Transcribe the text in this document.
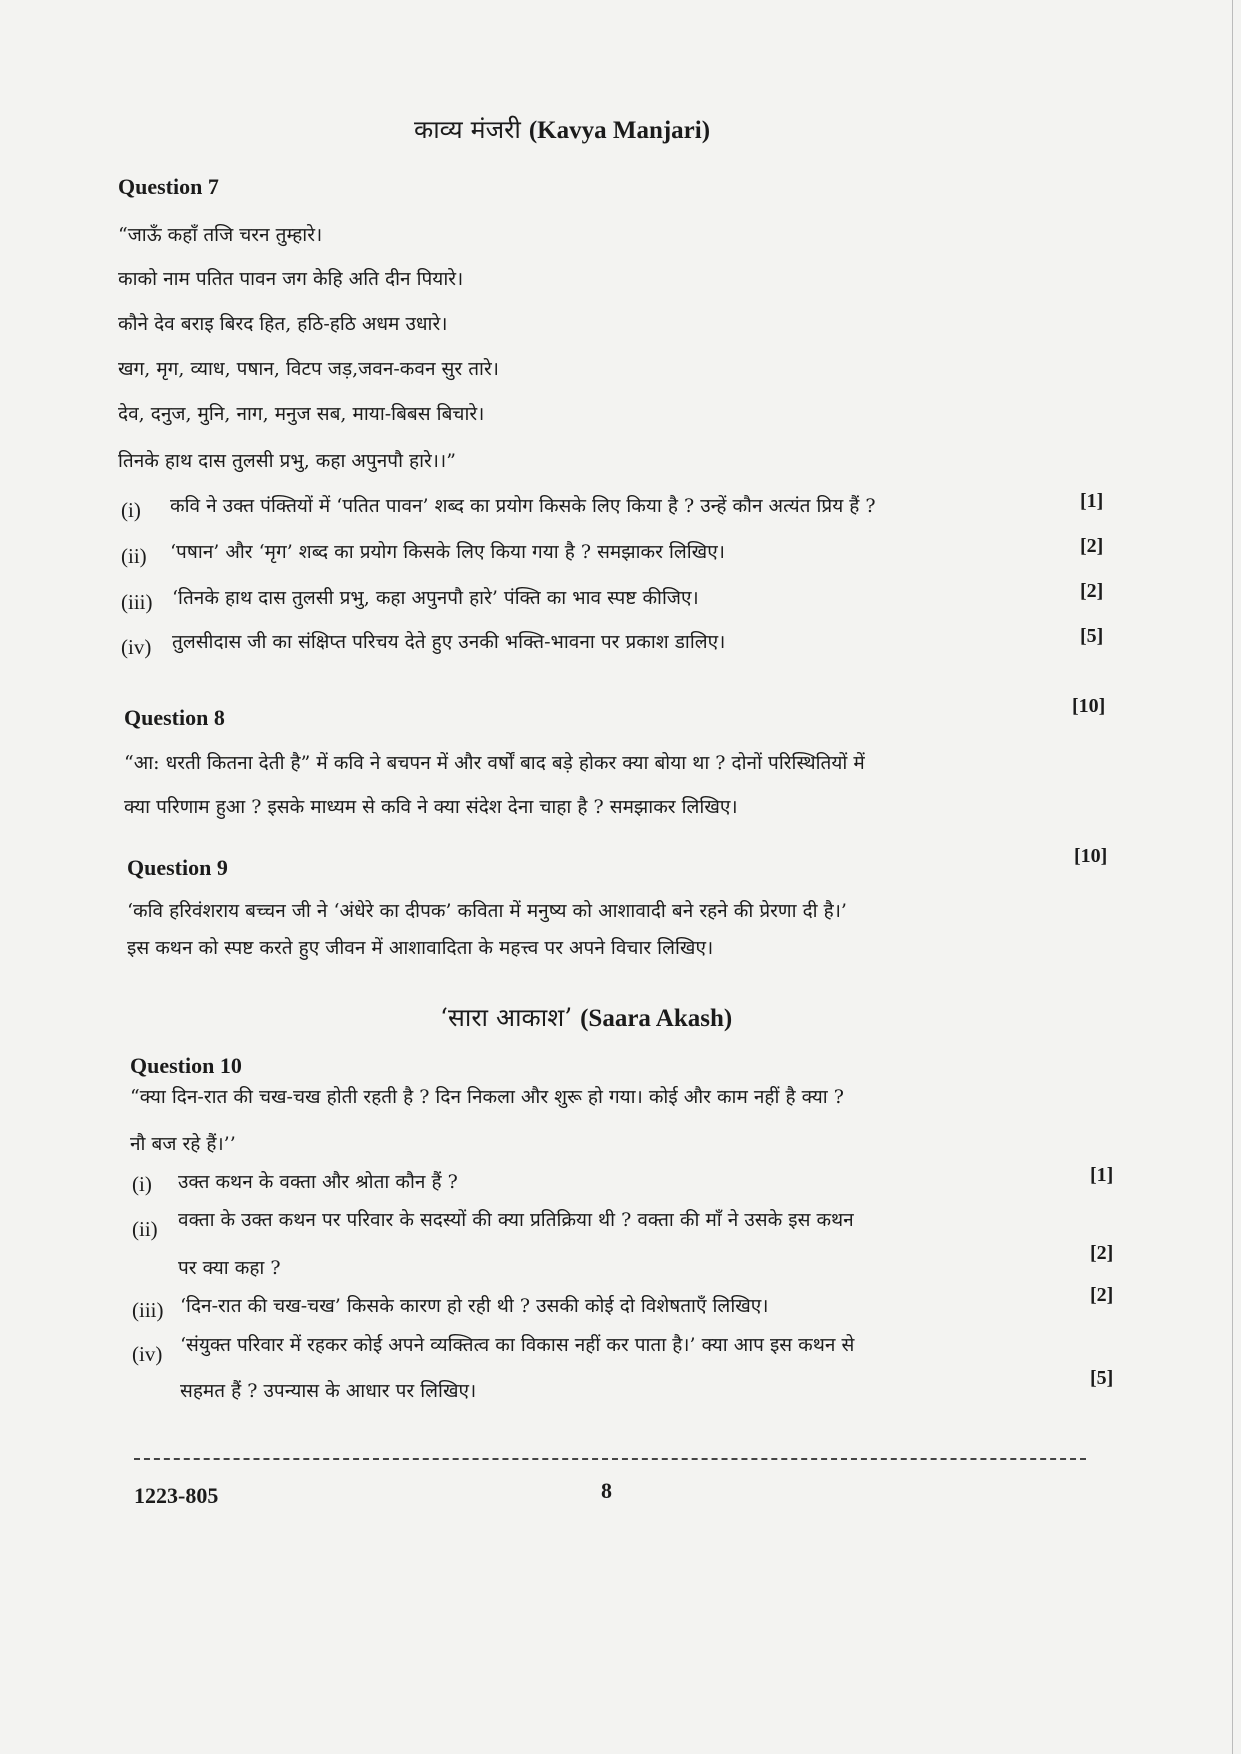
काव्य मंजरी (Kavya Manjari)
Question 7
“जाऊँ कहाँ तजि चरन तुम्हारे।
काको नाम पतित पावन जग केहि अति दीन पियारे।
कौने देव बराइ बिरद हित, हठि-हठि अधम उधारे।
खग, मृग, व्याध, पषान, विटप जड़,जवन-कवन सुर तारे।
देव, दनुज, मुनि, नाग, मनुज सब, माया-बिबस बिचारे।
तिनके हाथ दास तुलसी प्रभु, कहा अपुनपौ हारे।।”
(i) कवि ने उक्त पंक्तियों में ‘पतित पावन’ शब्द का प्रयोग किसके लिए किया है ? उन्हें कौन अत्यंत प्रिय हैं ?	[1]
(ii) ‘पषान’ और ‘मृग’ शब्द का प्रयोग किसके लिए किया गया है ? समझाकर लिखिए।	[2]
(iii) ‘तिनके हाथ दास तुलसी प्रभु, कहा अपुनपौ हारे’ पंक्ति का भाव स्पष्ट कीजिए।	[2]
(iv) तुलसीदास जी का संक्षिप्त परिचय देते हुए उनकी भक्ति-भावना पर प्रकाश डालिए।	[5]
Question 8	[10]
“आ: धरती कितना देती है” में कवि ने बचपन में और वर्षों बाद बड़े होकर क्या बोया था ? दोनों परिस्थितियों में
क्या परिणाम हुआ ? इसके माध्यम से कवि ने क्या संदेश देना चाहा है ? समझाकर लिखिए।
Question 9	[10]
‘कवि हरिवंशराय बच्चन जी ने ‘अंधेरे का दीपक’ कविता में मनुष्य को आशावादी बने रहने की प्रेरणा दी है।’
इस कथन को स्पष्ट करते हुए जीवन में आशावादिता के महत्त्व पर अपने विचार लिखिए।
‘सारा आकाश’ (Saara Akash)
Question 10
“क्या दिन-रात की चख-चख होती रहती है ? दिन निकला और शुरू हो गया। कोई और काम नहीं है क्या ?
नौ बज रहे हैं।’’
(i) उक्त कथन के वक्ता और श्रोता कौन हैं ?	[1]
(ii) वक्ता के उक्त कथन पर परिवार के सदस्यों की क्या प्रतिक्रिया थी ? वक्ता की माँ ने उसके इस कथन
पर क्या कहा ?
[2]
(iii) ‘दिन-रात की चख-चख’ किसके कारण हो रही थी ? उसकी कोई दो विशेषताएँ लिखिए।	[2]
(iv) ‘संयुक्त परिवार में रहकर कोई अपने व्यक्तित्व का विकास नहीं कर पाता है।’ क्या आप इस कथन से
सहमत हैं ? उपन्यास के आधार पर लिखिए।
[5]
1223-805	8
